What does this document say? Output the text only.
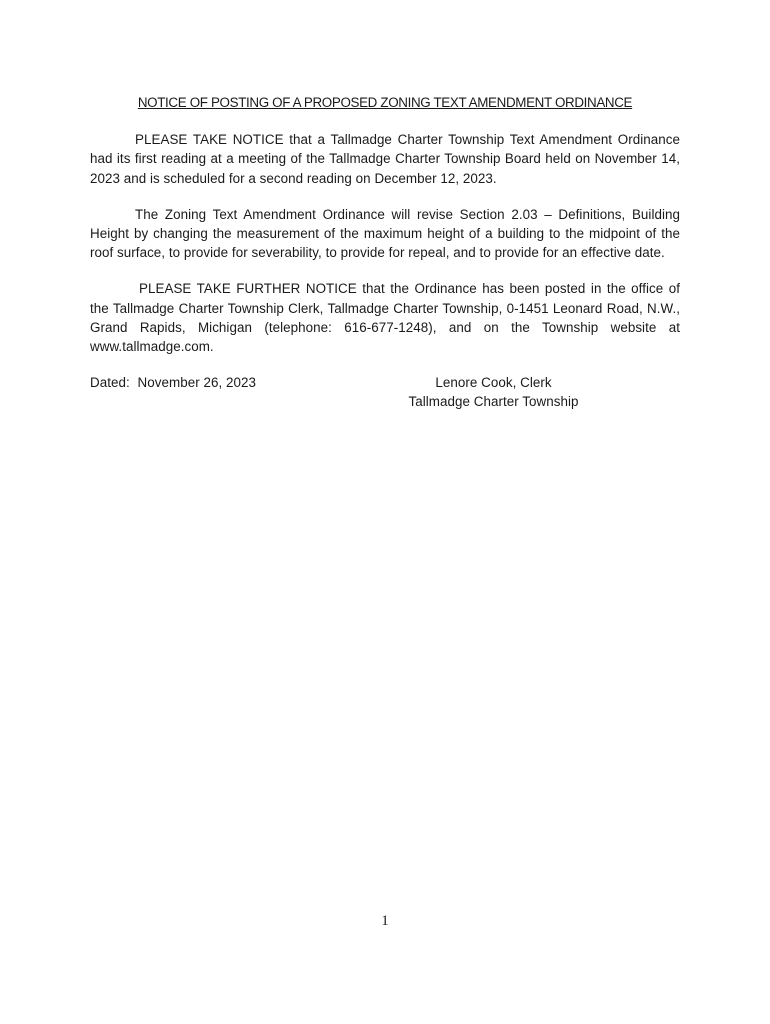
NOTICE OF POSTING OF A PROPOSED ZONING TEXT AMENDMENT ORDINANCE

PLEASE TAKE NOTICE that a Tallmadge Charter Township Text Amendment Ordinance had its first reading at a meeting of the Tallmadge Charter Township Board held on November 14, 2023 and is scheduled for a second reading on December 12, 2023.

The Zoning Text Amendment Ordinance will revise Section 2.03 – Definitions, Building Height by changing the measurement of the maximum height of a building to the midpoint of the roof surface, to provide for severability, to provide for repeal, and to provide for an effective date.

PLEASE TAKE FURTHER NOTICE that the Ordinance has been posted in the office of the Tallmadge Charter Township Clerk, Tallmadge Charter Township, 0-1451 Leonard Road, N.W., Grand Rapids, Michigan (telephone: 616-677-1248), and on the Township website at www.tallmadge.com.

Dated: November 26, 2023	Lenore Cook, Clerk
Tallmadge Charter Township
1
